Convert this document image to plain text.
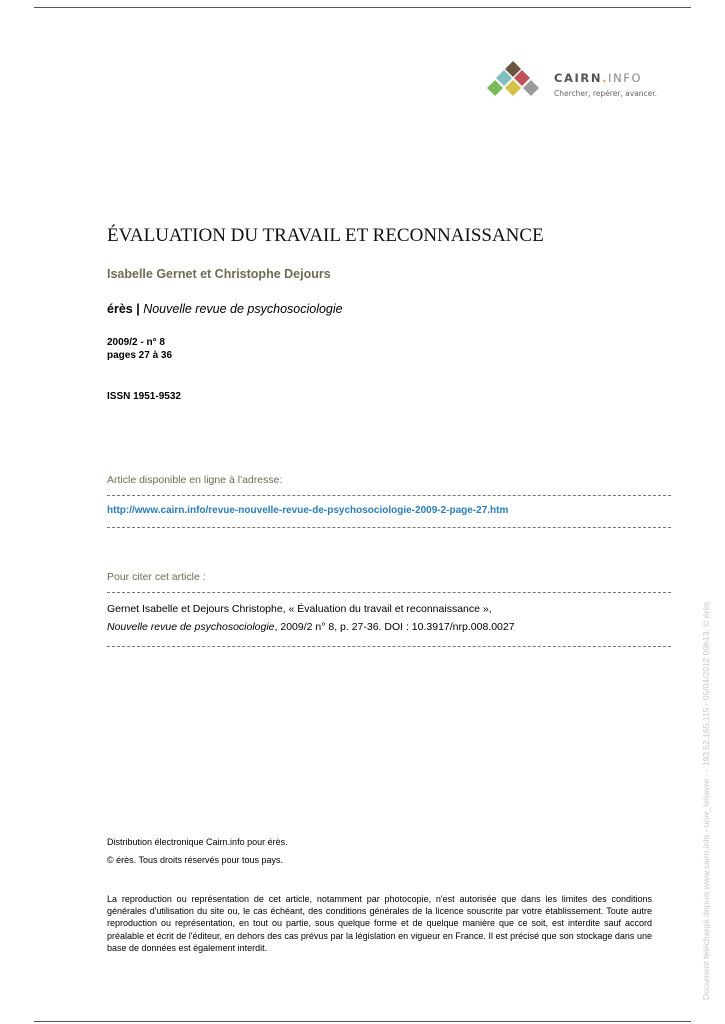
CAIRN.INFO
Chercher, repérer, avancer.
ÉVALUATION DU TRAVAIL ET RECONNAISSANCE
Isabelle Gernet et Christophe Dejours
érès | Nouvelle revue de psychosociologie
2009/2 - n° 8
pages 27 à 36
ISSN 1951-9532
Article disponible en ligne à l'adresse:
http://www.cairn.info/revue-nouvelle-revue-de-psychosociologie-2009-2-page-27.htm
Pour citer cet article :
Gernet Isabelle et Dejours Christophe, « Évaluation du travail et reconnaissance »,
Nouvelle revue de psychosociologie, 2009/2 n° 8, p. 27-36. DOI : 10.3917/nrp.008.0027
Distribution électronique Cairn.info pour érès.
© érès. Tous droits réservés pour tous pays.
La reproduction ou représentation de cet article, notamment par photocopie, n'est autorisée que dans les limites des conditions générales d'utilisation du site ou, le cas échéant, des conditions générales de la licence souscrite par votre établissement. Toute autre reproduction ou représentation, en tout ou partie, sous quelque forme et de quelque manière que ce soit, est interdite sauf accord préalable et écrit de l'éditeur, en dehors des cas prévus par la législation en vigueur en France. Il est précisé que son stockage dans une base de données est également interdit.	Document téléchargé depuis www.cairn.info - univ_lehavre - - 193.52.165.115 - 05/04/2012 09h13. © érès
